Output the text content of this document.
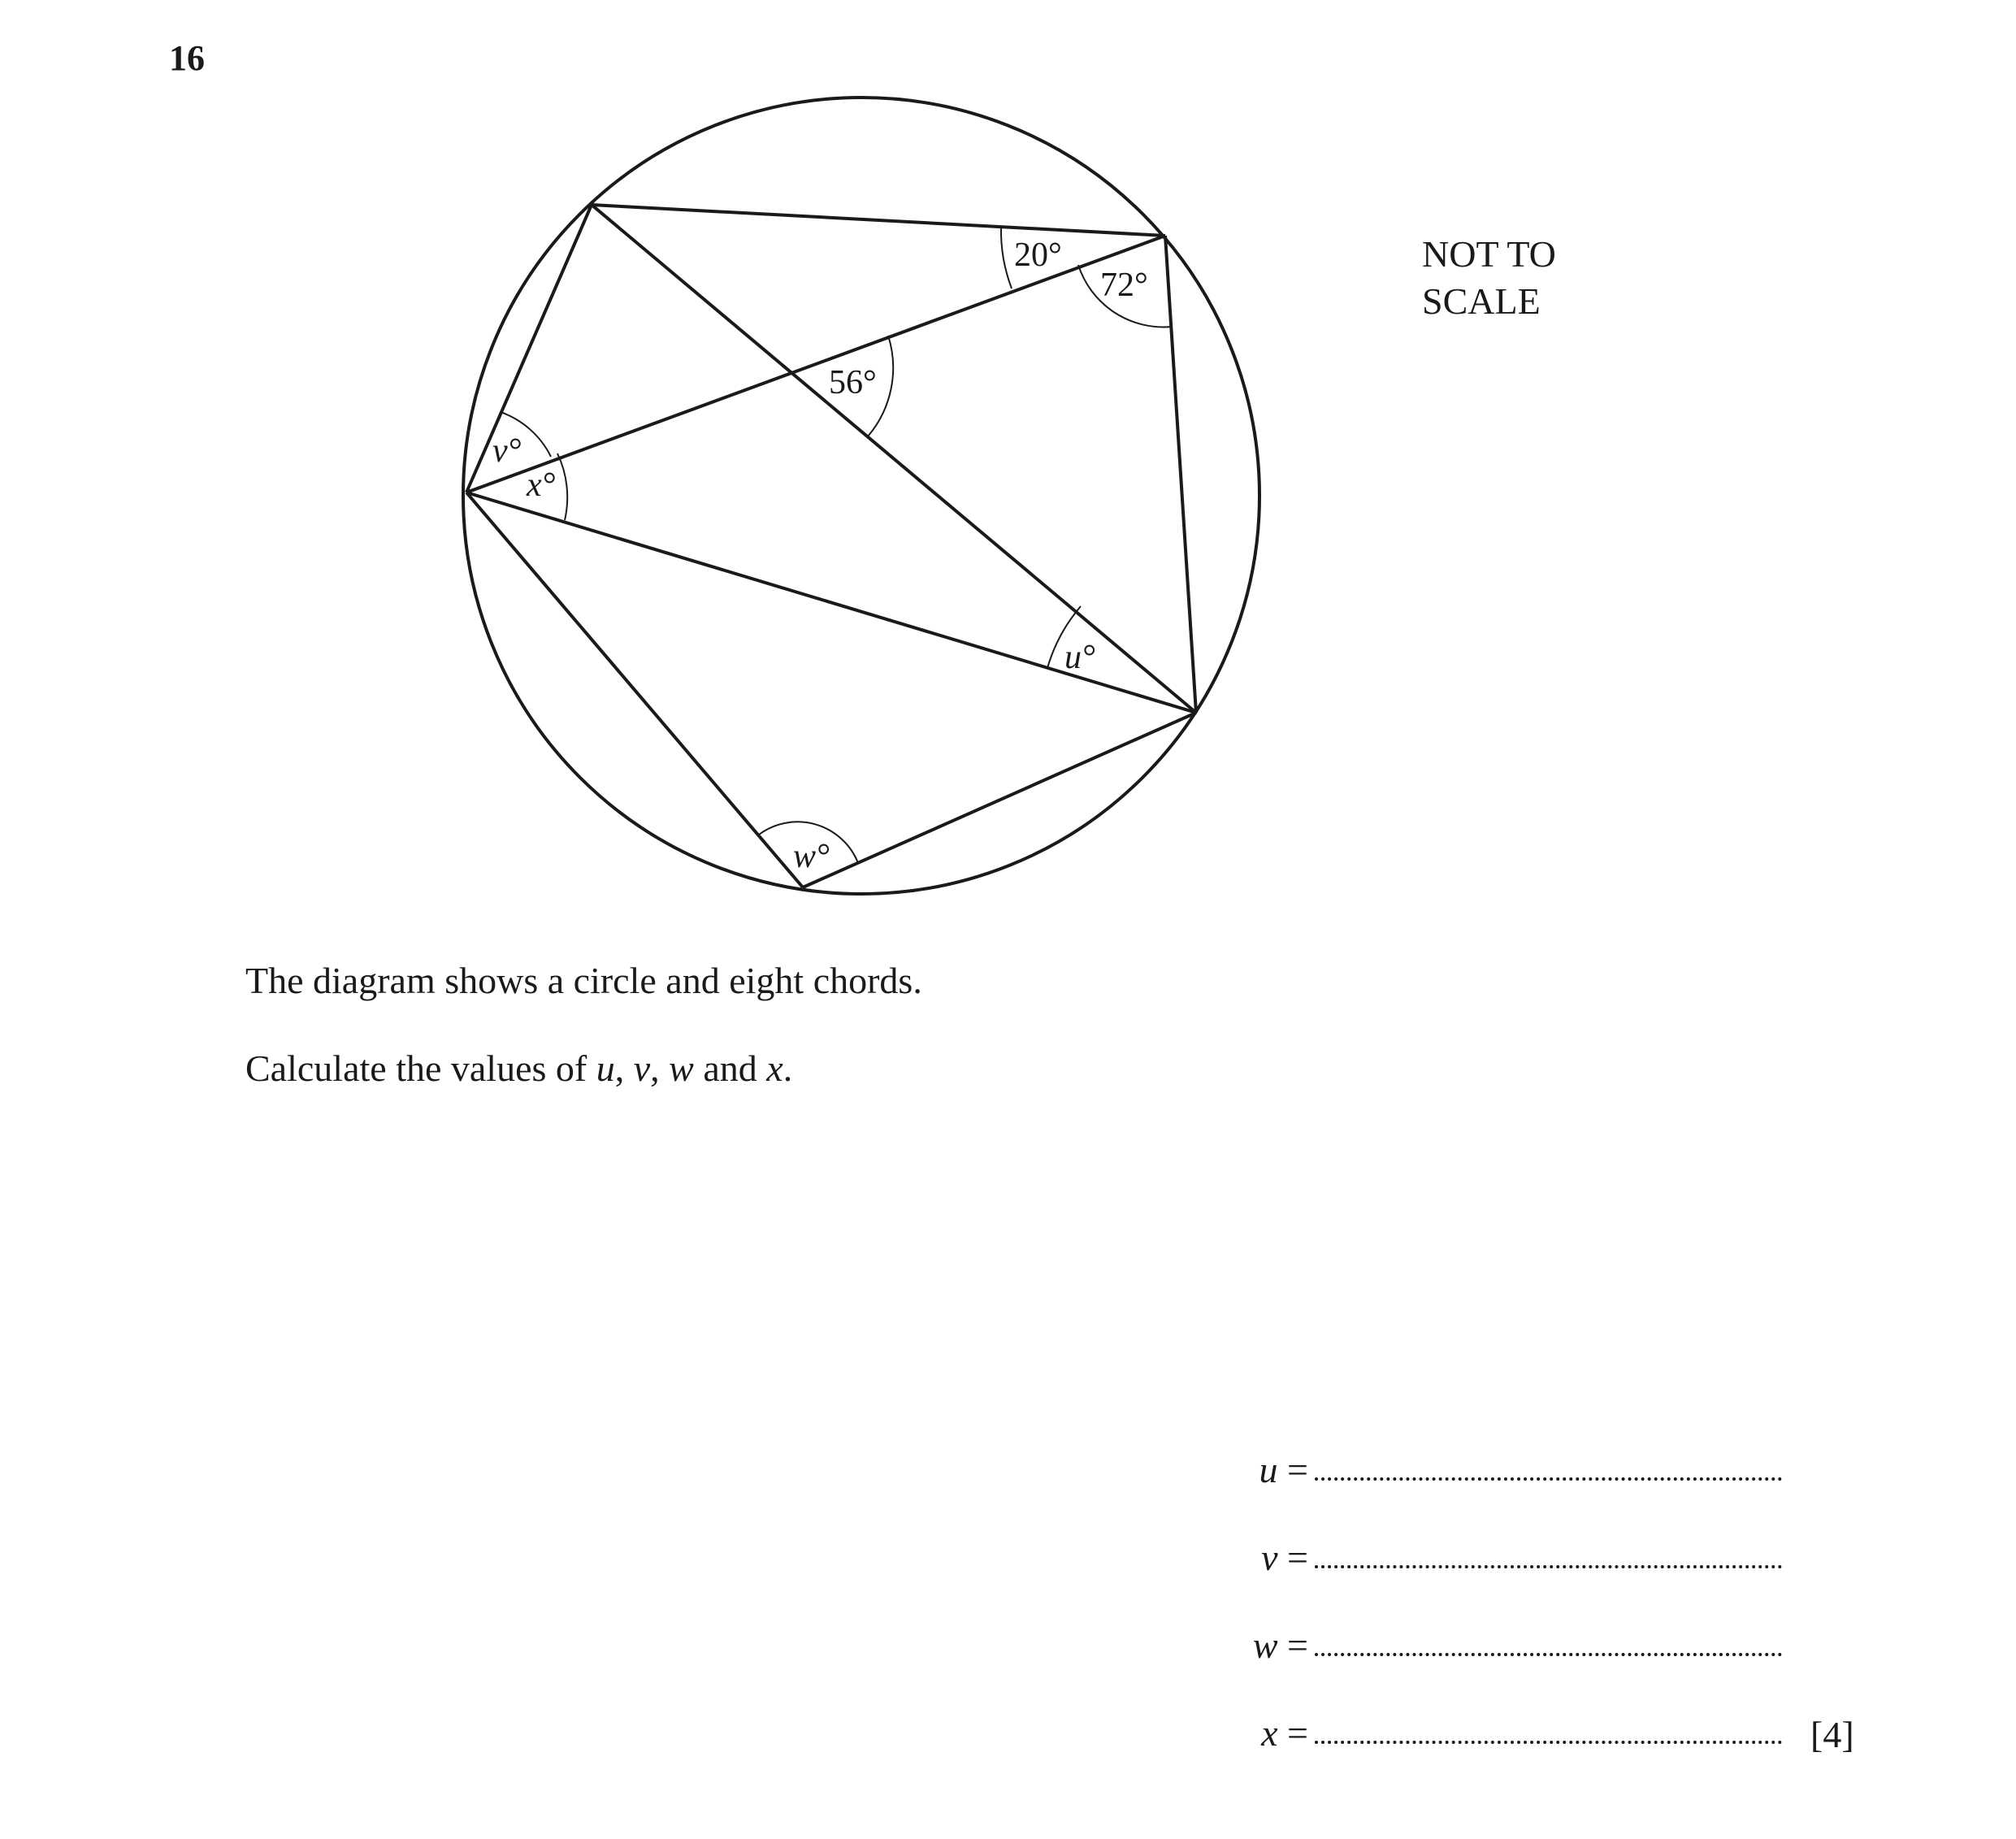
16
20°
72°
56°
v°
x°
u°
w°
NOT TO
SCALE
The diagram shows a circle and eight chords.
Calculate the values of u, v, w and x.
u =
v =
w =
x =	[4]
